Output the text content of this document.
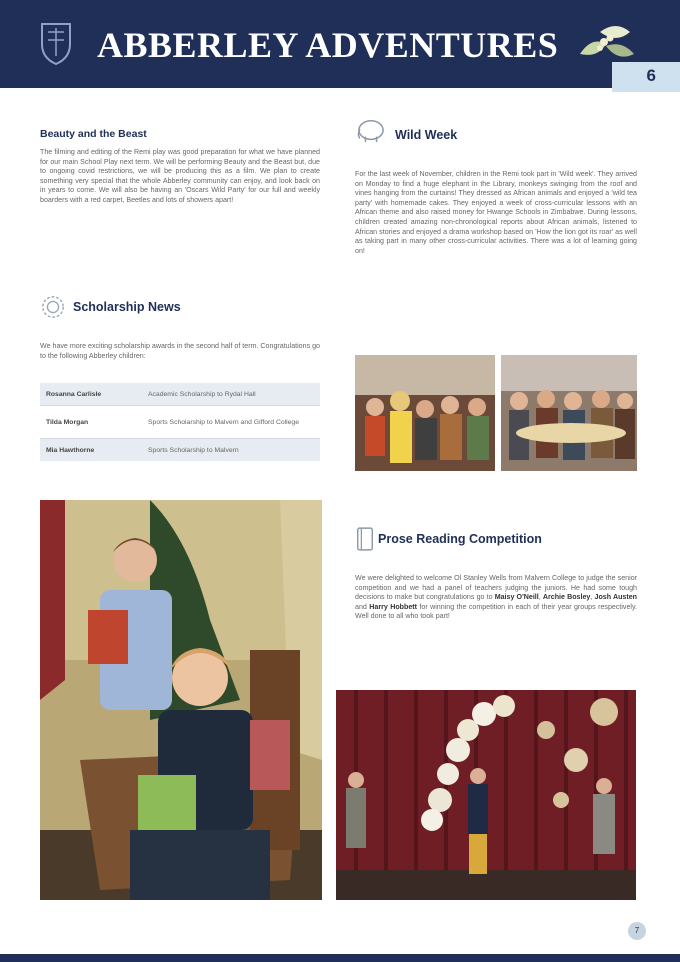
ABBERLEY ADVENTURES
6
Beauty and the Beast
The filming and editing of the Remi play was good preparation for what we have planned for our main School Play next term. We will be performing Beauty and the Beast but, due to ongoing covid restrictions, we will be producing this as a film. We plan to create something very special that the whole Abberley community can enjoy, and look back on in years to come. We will also be having an 'Oscars Wild Party' for our full and weekly boarders with a red carpet, Beetles and lots of showers apart!
Scholarship News
We have more exciting scholarship awards in the second half of term. Congratulations go to the following Abberley children:
Rosanna Carlisle	Academic Scholarship to Rydal Hall
Tilda Morgan	Sports Scholarship to Malvern and Gifford College
Mia Hawthorne	Sports Scholarship to Malvern
Wild Week
For the last week of November, children in the Remi took part in 'Wild week'. They arrived on Monday to find a huge elephant in the Library, monkeys swinging from the roof and vines hanging from the curtains! They dressed as African animals and enjoyed a 'wild tea party' with homemade cakes. They enjoyed a week of cross-curricular lessons with an African theme and also raised money for Hwange Schools in Zimbabwe. During lessons, children created amazing non-chronological reports about African animals, listened to African stories and enjoyed a drama workshop based on 'How the lion got its roar' as well as taking part in many other cross-curricular activities. There was a lot of learning going on!
Prose Reading Competition
We were delighted to welcome Ol Stanley Wells from Malvern College to judge the senior competition and we had a panel of teachers judging the juniors. He had some tough decisions to make but congratulations go to Maisy O'Neill, Archie Bosley, Josh Austen and Harry Hobbett for winning the competition in each of their year groups respectively. Well done to all who took part!
7
